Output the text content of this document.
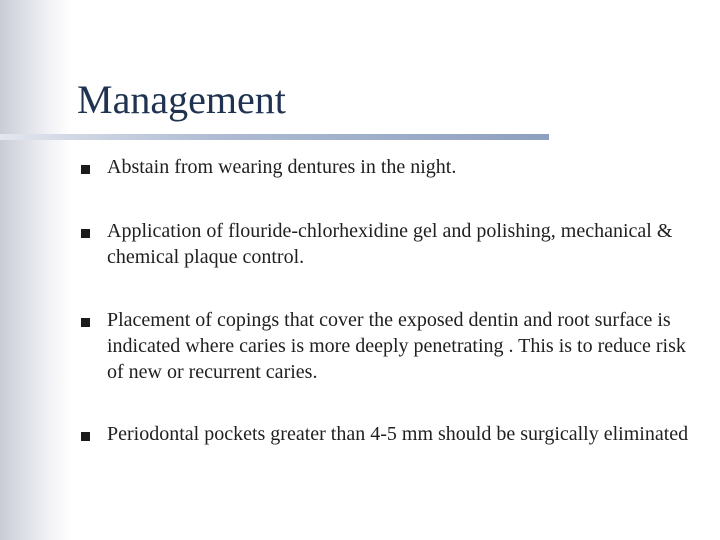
Management
Abstain from wearing dentures in the night.
Application of flouride-chlorhexidine gel and polishing, mechanical & chemical plaque control.
Placement of copings that cover the exposed dentin and root surface is indicated where caries is more deeply penetrating . This is to reduce risk of new or recurrent caries.
Periodontal pockets greater than 4-5 mm should be surgically eliminated
